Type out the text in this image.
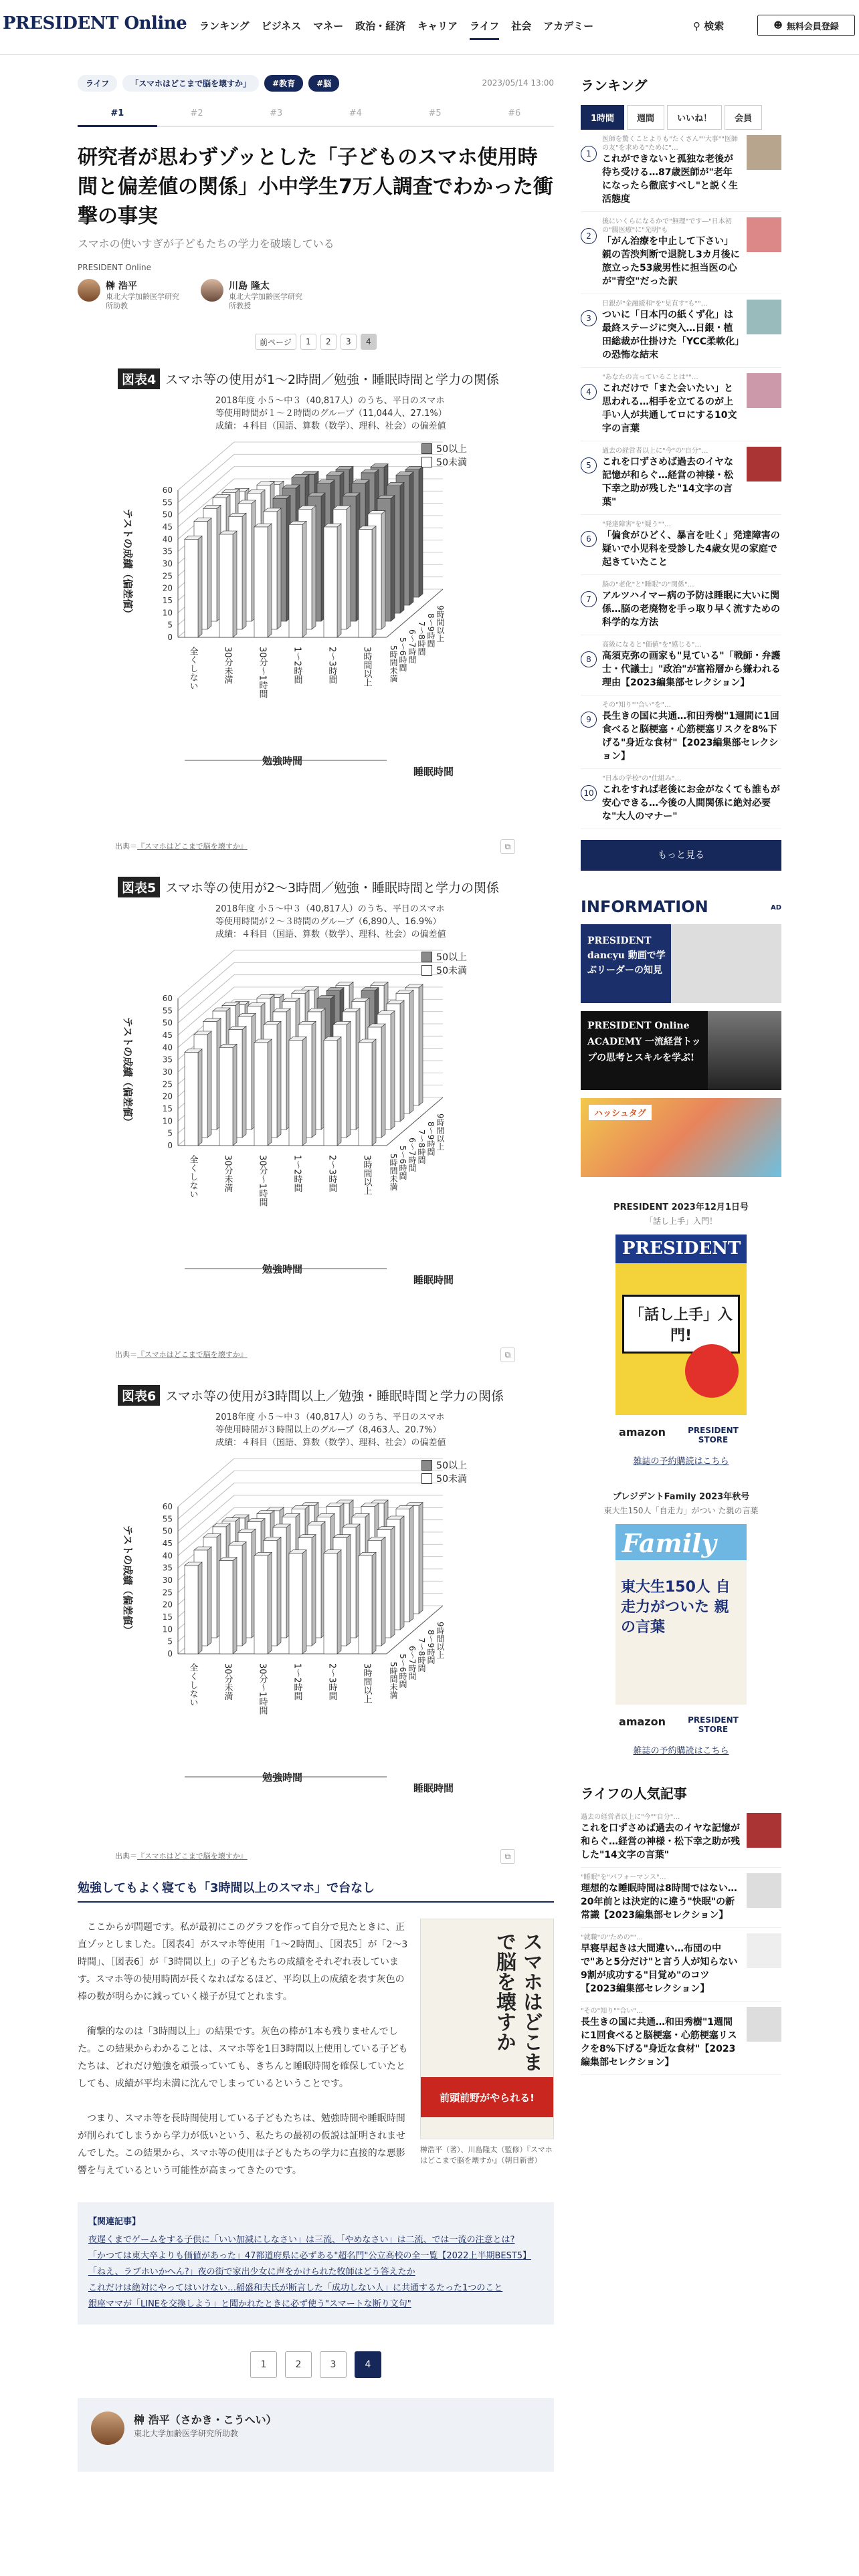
PRESIDENT Online ランキング ビジネス マネー 政治・経済 キャリア ライフ 社会 アカデミー	⚲ 検索	☻ 無料会員登録
ライフ	「スマホはどこまで脳を壊すか」	#教育	#脳	2023/05/14 13:00
#1	#2	#3	#4	#5	#6
研究者が思わずゾッとした「子どものスマホ使用時間と偏差値の関係」小中学生7万人調査でわかった衝撃の事実
スマホの使いすぎが子どもたちの学力を破壊している
PRESIDENT Online
榊 浩平
東北大学加齢医学研究
所助教
川島 隆太
東北大学加齢医学研究
所教授
前ページ	1	2	3	4
図表4 スマホ等の使用が1〜2時間／勉強・睡眠時間と学力の関係
2018年度 小５〜中３（40,817人）のうち、平日のスマホ
等使用時間が１〜２時間のグループ（11,044人、27.1%）
成績：４科目（国語、算数（数学）、理科、社会）の偏差値
50以上
50未満
0
5
10
15
20
25
30
35
40
45
50
55
60
テストの成績（偏差値）
全くしない	30分未満	30分〜1時間	1〜2時間	2〜3時間	3時間以上 5時間未満 5〜6時間 6〜7時間 7〜8時間 8〜9時間 9時間以上
勉強時間
睡眠時間
出典＝『スマホはどこまで脳を壊すか』	⧉
図表5 スマホ等の使用が2〜3時間／勉強・睡眠時間と学力の関係
2018年度 小５〜中３（40,817人）のうち、平日のスマホ
等使用時間が２〜３時間のグループ（6,890人、16.9%）
成績：４科目（国語、算数（数学）、理科、社会）の偏差値
50以上
50未満
0
5
10
15
20
25
30
35
40
45
50
55
60
テストの成績（偏差値）
全くしない	30分未満	30分〜1時間	1〜2時間	2〜3時間	3時間以上 5時間未満 5〜6時間 6〜7時間 7〜8時間 8〜9時間 9時間以上
勉強時間
睡眠時間
出典＝『スマホはどこまで脳を壊すか』	⧉
図表6 スマホ等の使用が3時間以上／勉強・睡眠時間と学力の関係
2018年度 小５〜中３（40,817人）のうち、平日のスマホ
等使用時間が３時間以上のグループ（8,463人、20.7%）
成績：４科目（国語、算数（数学）、理科、社会）の偏差値
50以上
50未満
0
5
10
15
20
25
30
35
40
45
50
55
60
テストの成績（偏差値）
全くしない	30分未満	30分〜1時間	1〜2時間	2〜3時間	3時間以上 5時間未満 5〜6時間 6〜7時間 7〜8時間 8〜9時間 9時間以上
勉強時間
睡眠時間
出典＝『スマホはどこまで脳を壊すか』	⧉
勉強してもよく寝ても「3時間以上のスマホ」で台なし

ここからが問題です。私が最初にこのグラフを作って自分で見たときに、正直ゾッとしました。［図表4］がスマホ等使用「1〜2時間」、［図表5］が「2〜3時間」、［図表6］が「3時間以上」の子どもたちの成績をそれぞれ表しています。スマホ等の使用時間が長くなればなるほど、平均以上の成績を表す灰色の棒の数が明らかに減っていく様子が見てとれます。

衝撃的なのは「3時間以上」の結果です。灰色の棒が1本も残りませんでした。この結果からわかることは、スマホ等を1日3時間以上使用している子どもたちは、どれだけ勉強を頑張っていても、きちんと睡眠時間を確保していたとしても、成績が平均未満に沈んでしまっているということです。

つまり、スマホ等を長時間使用している子どもたちは、勉強時間や睡眠時間が削られてしまうから学力が低いという、私たちの最初の仮説は証明されませんでした。この結果から、スマホ等の使用は子どもたちの学力に直接的な悪影響を与えているという可能性が高まってきたのです。

スマホはどこまで脳を壊すか
前頭前野がやられる!
榊浩平（著）、川島隆太（監修）『スマホはどこまで脳を壊すか』（朝日新書）
【関連記事】
夜遅くまでゲームをする子供に「いい加減にしなさい」は三流、「やめなさい」は二流、では一流の注意とは?
「かつては東大卒よりも価値があった」47都道府県に必ずある"超名門"公立高校の全一覧【2022上半期BEST5】
「ねえ、ラブホいかへん?」夜の街で家出少女に声をかけられた牧師はどう答えたか
これだけは絶対にやってはいけない…稲盛和夫氏が断言した「成功しない人」に共通するたった1つのこと
銀座ママが「LINEを交換しよう」と聞かれたときに必ず使う"スマートな断り文句"
1	2	3	4
榊 浩平（さかき・こうへい）
東北大学加齢医学研究所助教
ランキング
1時間	週間	いいね！	会員
1
医師を驚くことよりも"たくさん""大事""医師の友"を求める"ために"…
これができないと孤独な老後が待ち受ける…87歳医師が"老年になったら徹底すべし"と説く生活態度
2
後にいくらになるかで"無理"です―"日本初の"腸医療"に"光明"も
「がん治療を中止して下さい」親の苦渋判断で退院し3カ月後に旅立った53歳男性に担当医の心が"青空"だった訳
3
日銀が"金融緩和"を"見直す"も""…
ついに「日本円の紙くず化」は最終ステージに突入…日銀・植田総裁が仕掛けた「YCC柔軟化」の恐怖な結末
4
"あなたの言っていることは""…
これだけで「また会いたい」と思われる…相手を立てるのが上手い人が共通してロにする10文字の言葉
5
過去の経営者以上に"今"の"自分"…
これを口ずさめば過去のイヤな記憶が和らぐ…経営の神様・松下幸之助が残した"14文字の言葉"
6
"発達障害"を"疑う""…
「偏食がひどく、暴言を吐く」発達障害の疑いで小児科を受診した4歳女児の家庭で起きていたこと
7
脳の"老化"と"睡眠"の"関係"…
アルツハイマー病の予防は睡眠に大いに関係…脳の老廃物を手っ取り早く流すための科学的な方法
8
高級になると"価値"を"感じる"…
高須克弥の画家も"見ている"「戦師・弁護士・代議士」"政治"が富裕層から嫌われる理由【2023編集部セレクション】
9
その"知り""合い"を"…
長生きの国に共通…和田秀樹"1週間に1回食べると脳梗塞・心筋梗塞リスクを8%下げる"身近な食材"【2023編集部セレクション】
10
"日本の学校"の"仕組み"…
これをすれば老後にお金がなくても誰もが安心できる…今後の人間関係に絶対必要な"大人のマナー"
もっと見る
INFORMATION	AD
PRESIDENT dancyu 動画で学ぶリーダーの知見
PRESIDENT Online ACADEMY 一流経営トップの思考とスキルを学ぶ!
ハッシュタグ
PRESIDENT 2023年12月1日号
「話し上手」入門！
PRESIDENT
「話し上手」入門!
amazon	PRESIDENT STORE
雑誌の予約購読はこちら
プレジデントFamily 2023年秋号
東大生150人「自走力」がつい た親の言葉
Family
東大生150人 自走力がついた 親の言葉
amazon	PRESIDENT STORE
雑誌の予約購読はこちら
ライフの人気記事
過去の経営者以上に"今""自分"…
これを口ずさめば過去のイヤな記憶が和らぐ…経営の神様・松下幸之助が残した"14文字の言葉"
"睡眠"を"パフォーマンス"…
理想的な睡眠時間は8時間ではない…20年前とは決定的に違う"快眠"の新常識【2023編集部セレクション】
"就職"の"ための""…
早寝早起きは大間違い…布団の中で"あと5分だけ"と言う人が知らない9割が成功する"目覚め"のコツ【2023編集部セレクション】
"その"知り""合い"…
長生きの国に共通…和田秀樹"1週間に1回食べると脳梗塞・心筋梗塞リスクを8%下げる"身近な食材"【2023編集部セレクション】
